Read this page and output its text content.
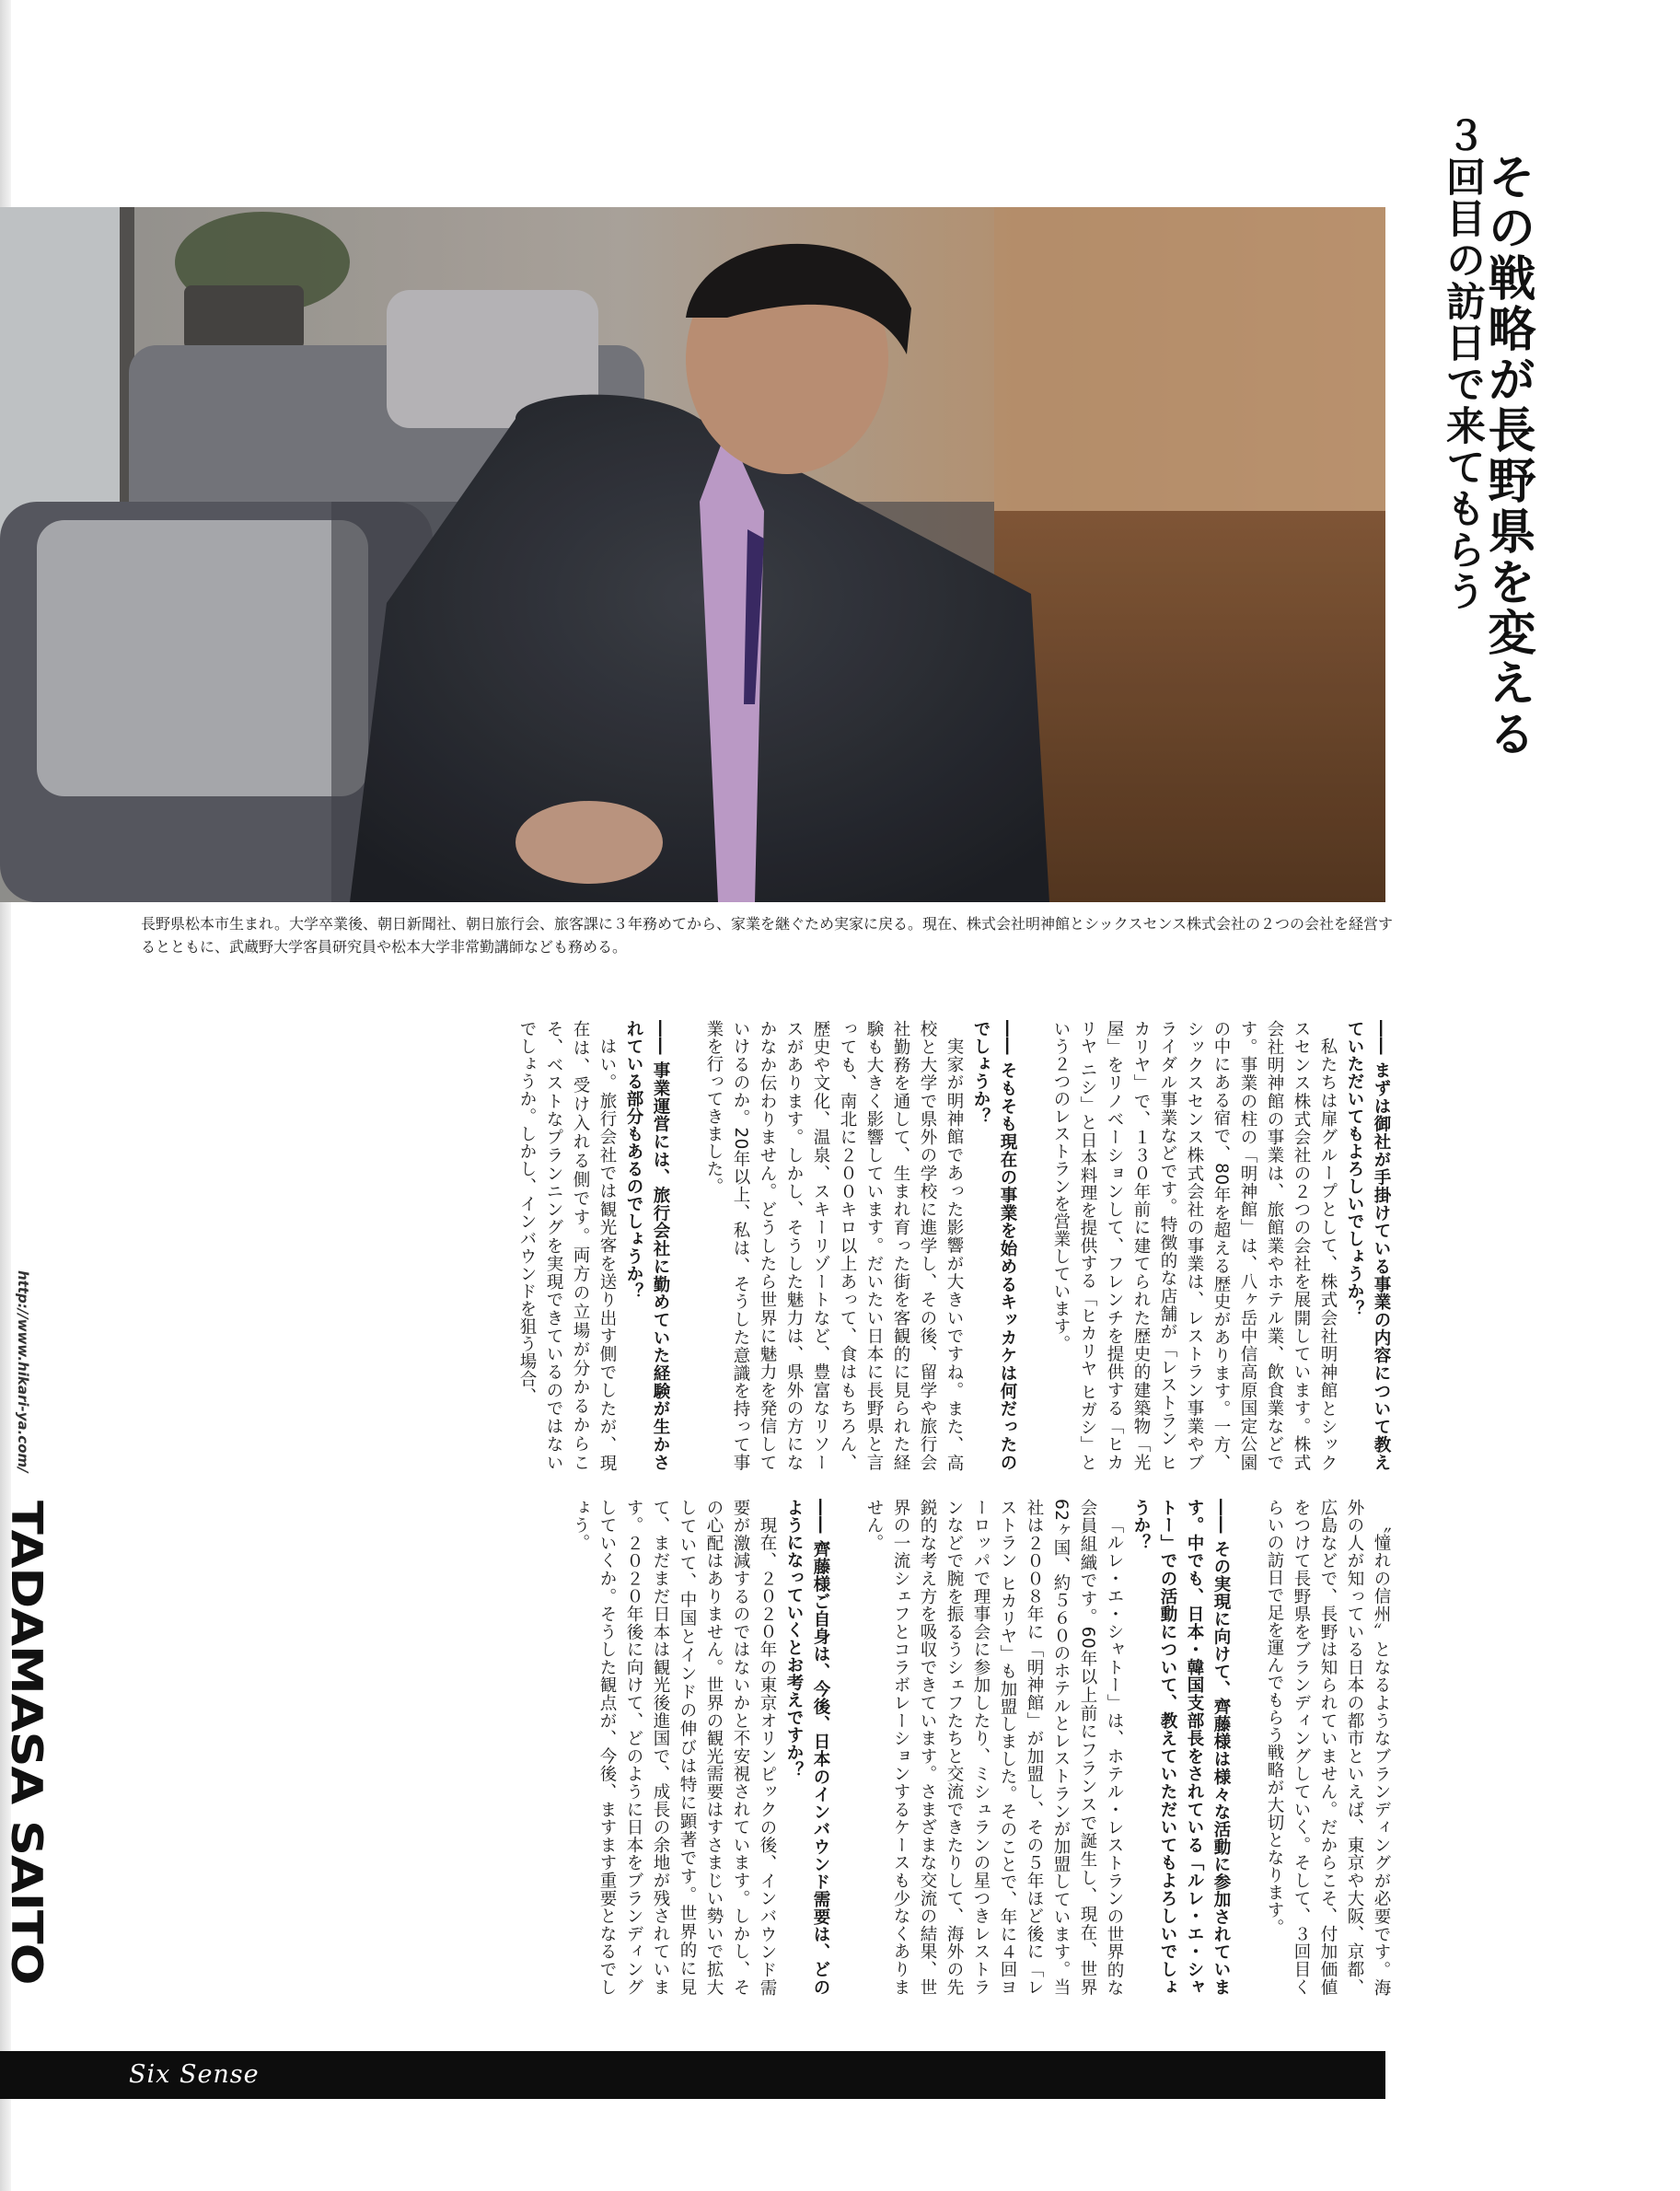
３回目の訪日で来てもらう
その戦略が長野県を変える

長野県松本市生まれ。大学卒業後、朝日新聞社、朝日旅行会、旅客課に３年務めてから、家業を継ぐため実家に戻る。現在、株式会社明神館とシックスセンス株式会社の２つの会社を経営するとともに、武蔵野大学客員研究員や松本大学非常勤講師なども務める。

―― まずは御社が手掛けている事業の内容について教えていただいてもよろしいでしょうか？

私たちは扉グループとして、株式会社明神館とシックスセンス株式会社の２つの会社を展開しています。株式会社明神館の事業は、旅館業やホテル業、飲食業などです。事業の柱の「明神館」は、八ヶ岳中信高原国定公園の中にある宿で、80年を超える歴史があります。一方、シックスセンス株式会社の事業は、レストラン事業やブライダル事業などです。特徴的な店舗が「レストラン ヒカリヤ」で、１３０年前に建てられた歴史的建築物「光屋」をリノベーションして、フレンチを提供する「ヒカリヤ ニシ」と日本料理を提供する「ヒカリヤ ヒガシ」という２つのレストランを営業しています。

―― そもそも現在の事業を始めるキッカケは何だったのでしょうか？

実家が明神館であった影響が大きいですね。また、高校と大学で県外の学校に進学し、その後、留学や旅行会社勤務を通して、生まれ育った街を客観的に見られた経験も大きく影響しています。だいたい日本に長野県と言っても、南北に２００キロ以上あって、食はもちろん、歴史や文化、温泉、スキーリゾートなど、豊富なリソースがあります。しかし、そうした魅力は、県外の方になかなか伝わりません。どうしたら世界に魅力を発信していけるのか。20年以上、私は、そうした意識を持って事業を行ってきました。

―― 事業運営には、旅行会社に勤めていた経験が生かされている部分もあるのでしょうか？

はい。旅行会社では観光客を送り出す側でしたが、現在は、受け入れる側です。両方の立場が分かるからこそ、ベストなプランニングを実現できているのではないでしょうか。しかし、インバウンドを狙う場合、

〝憧れの信州〟となるようなブランディングが必要です。海外の人が知っている日本の都市といえば、東京や大阪、京都、広島などで、長野は知られていません。だからこそ、付加価値をつけて長野県をブランディングしていく。そして、３回目くらいの訪日で足を運んでもらう戦略が大切となります。

―― その実現に向けて、齊藤様は様々な活動に参加されています。中でも、日本・韓国支部長をされている「ルレ・エ・シャトー」での活動について、教えていただいてもよろしいでしょうか？

「ルレ・エ・シャトー」は、ホテル・レストランの世界的な会員組織です。60年以上前にフランスで誕生し、現在、世界62ヶ国、約５６０のホテルとレストランが加盟しています。当社は２００８年に「明神館」が加盟し、その５年ほど後に「レストラン ヒカリヤ」も加盟しました。そのことで、年に４回ヨーロッパで理事会に参加したり、ミシュランの星つきレストランなどで腕を振るうシェフたちと交流できたりして、海外の先鋭的な考え方を吸収できています。さまざまな交流の結果、世界の一流シェフとコラボレーションするケースも少なくありません。

―― 齊藤様ご自身は、今後、日本のインバウンド需要は、どのようになっていくとお考えですか？

現在、２０２０年の東京オリンピックの後、インバウンド需要が激減するのではないかと不安視されています。しかし、その心配はありません。世界の観光需要はすさまじい勢いで拡大していて、中国とインドの伸びは特に顕著です。世界的に見て、まだまだ日本は観光後進国で、成長の余地が残されています。２０２０年後に向けて、どのように日本をブランディングしていくか。そうした観点が、今後、ますます重要となるでしょう。

http://www.hikari-ya.com/

TADAMASA SAITO

Six Sense
